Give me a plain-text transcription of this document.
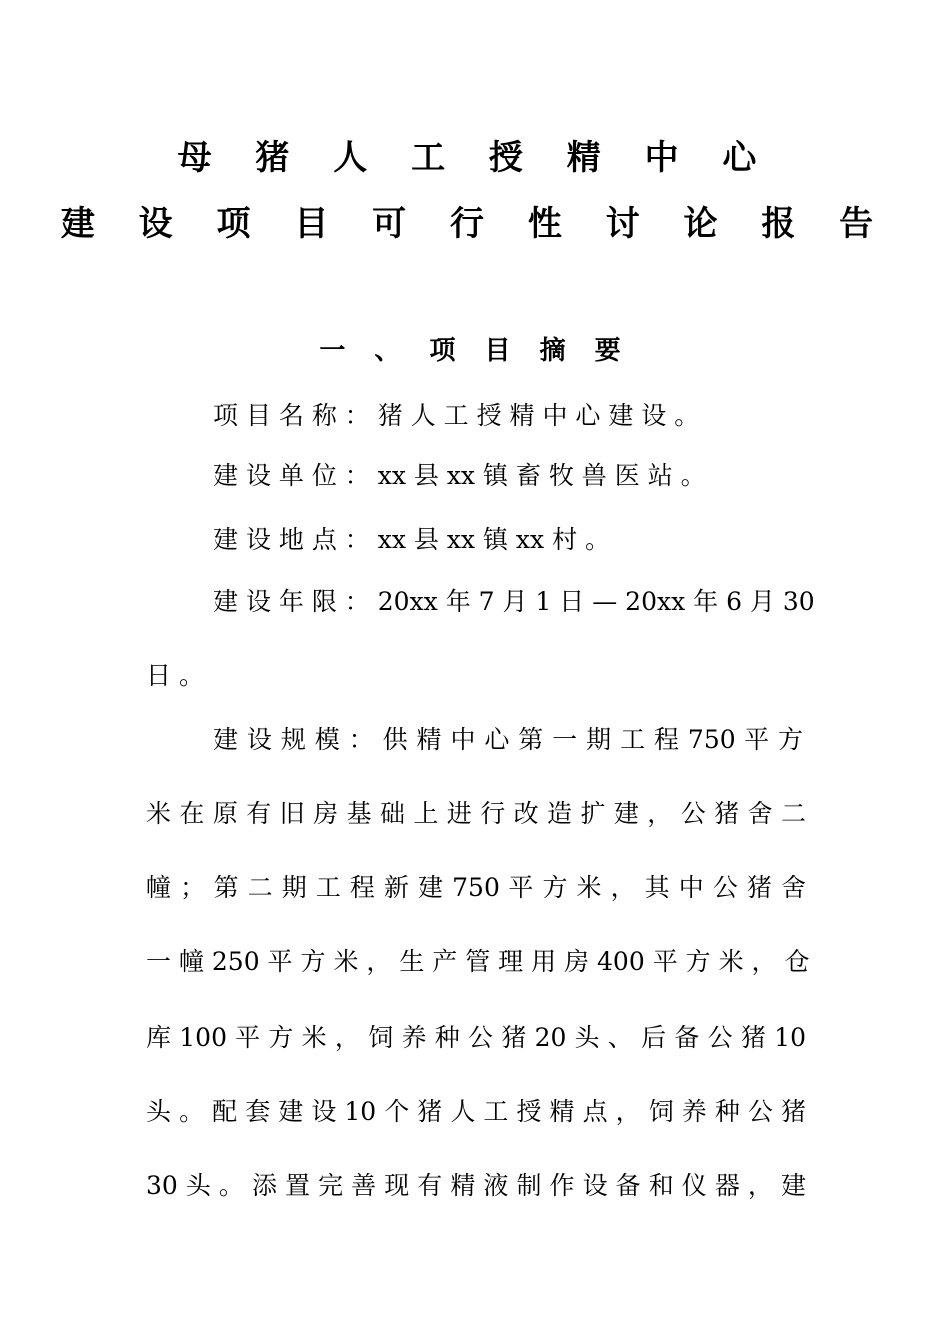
母 猪 人 工 授 精 中 心
建 设 项 目 可 行 性 讨 论 报 告
一 、 项 目 摘 要
项 目 名 称 ： 猪 人 工 授 精 中 心 建 设 。
建 设 单 位 ： xx 县 xx 镇 畜 牧 兽 医 站 。
建 设 地 点 ： xx 县 xx 镇 xx 村 。
建 设 年 限 ： 20xx 年 7 月 1 日 — 20xx 年 6 月 30
日 。
建 设 规 模 ： 供 精 中 心 第 一 期 工 程 750 平 方
米 在 原 有 旧 房 基 础 上 进 行 改 造 扩 建 ， 公 猪 舍 二
幢 ； 第 二 期 工 程 新 建 750 平 方 米 ， 其 中 公 猪 舍
一 幢 250 平 方 米 ， 生 产 管 理 用 房 400 平 方 米 ， 仓
库 100 平 方 米 ， 饲 养 种 公 猪 20 头 、 后 备 公 猪 10
头 。 配 套 建 设 10 个 猪 人 工 授 精 点 ， 饲 养 种 公 猪
30 头 。 添 置 完 善 现 有 精 液 制 作 设 备 和 仪 器 ， 建
